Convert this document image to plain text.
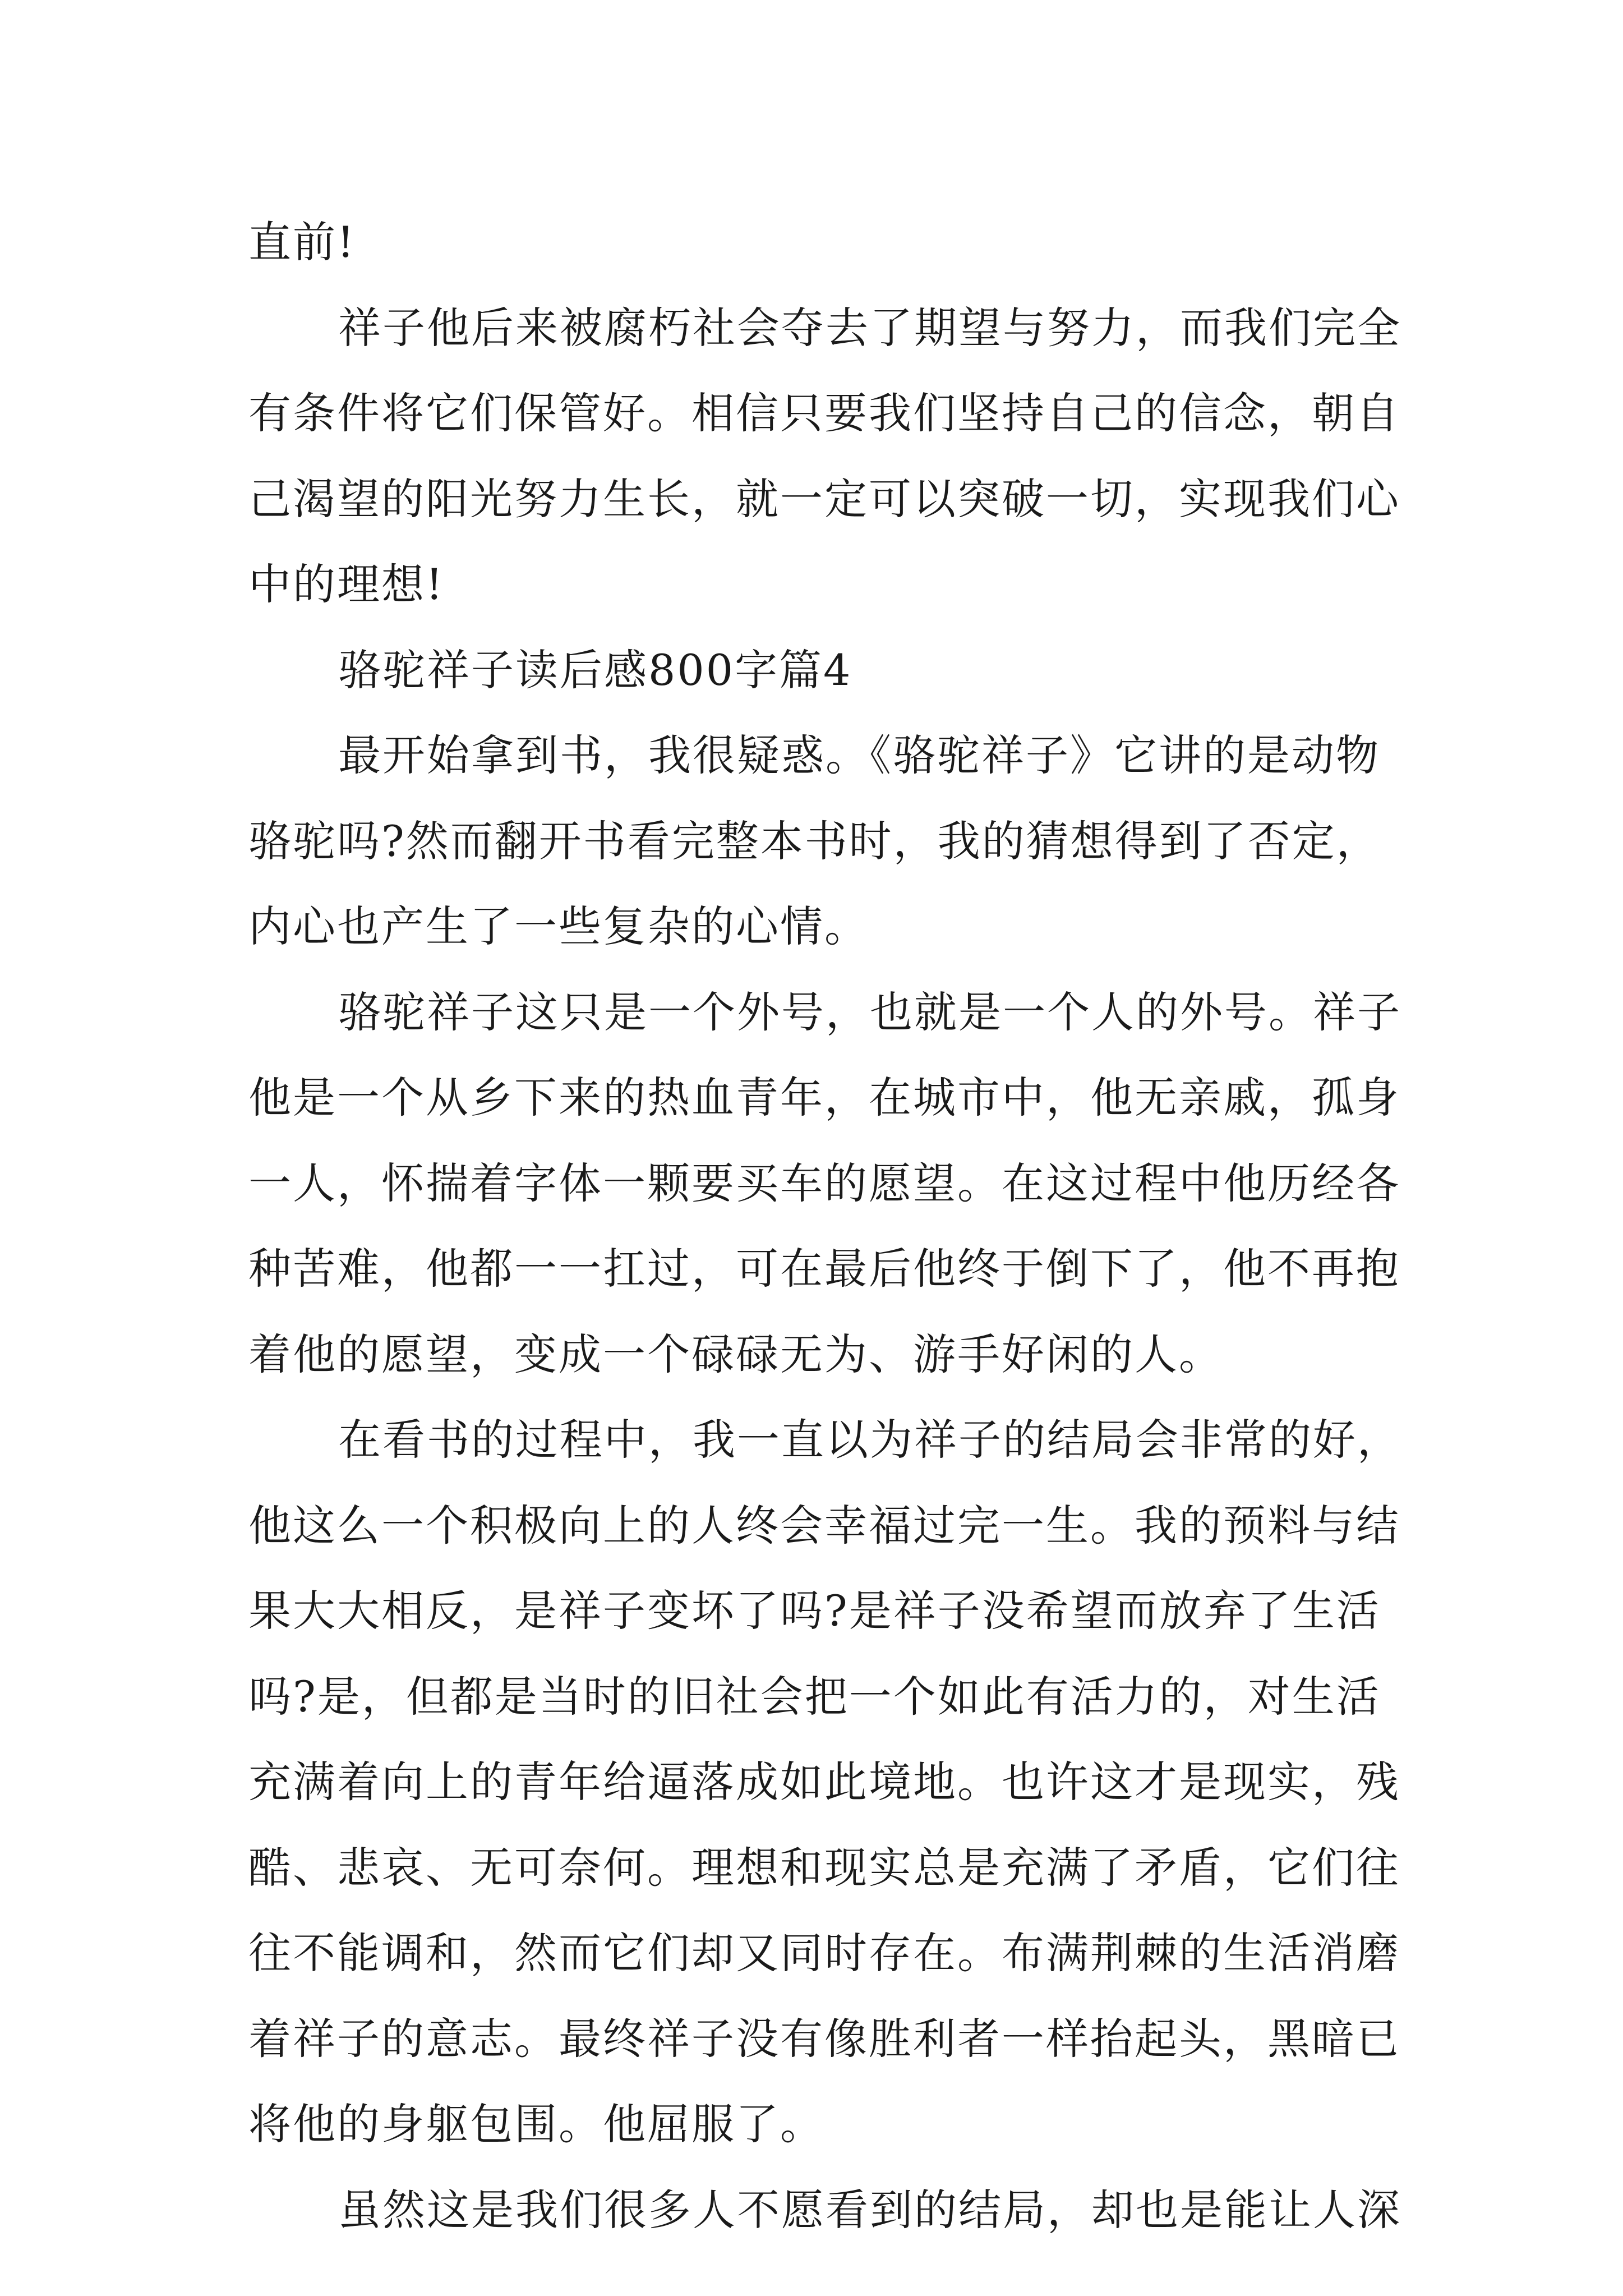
直前!
祥子他后来被腐朽社会夺去了期望与努力，而我们完全
有条件将它们保管好。相信只要我们坚持自己的信念，朝自
己渴望的阳光努力生长，就一定可以突破一切，实现我们心
中的理想!
骆驼祥子读后感800字篇4
最开始拿到书，我很疑惑。《骆驼祥子》它讲的是动物
骆驼吗?然而翻开书看完整本书时，我的猜想得到了否定，
内心也产生了一些复杂的心情。
骆驼祥子这只是一个外号，也就是一个人的外号。祥子
他是一个从乡下来的热血青年，在城市中，他无亲戚，孤身
一人，怀揣着字体一颗要买车的愿望。在这过程中他历经各
种苦难，他都一一扛过，可在最后他终于倒下了，他不再抱
着他的愿望，变成一个碌碌无为、游手好闲的人。
在看书的过程中，我一直以为祥子的结局会非常的好，
他这么一个积极向上的人终会幸福过完一生。我的预料与结
果大大相反，是祥子变坏了吗?是祥子没希望而放弃了生活
吗?是，但都是当时的旧社会把一个如此有活力的，对生活
充满着向上的青年给逼落成如此境地。也许这才是现实，残
酷、悲哀、无可奈何。理想和现实总是充满了矛盾，它们往
往不能调和，然而它们却又同时存在。布满荆棘的生活消磨
着祥子的意志。最终祥子没有像胜利者一样抬起头，黑暗已
将他的身躯包围。他屈服了。
虽然这是我们很多人不愿看到的结局，却也是能让人深
